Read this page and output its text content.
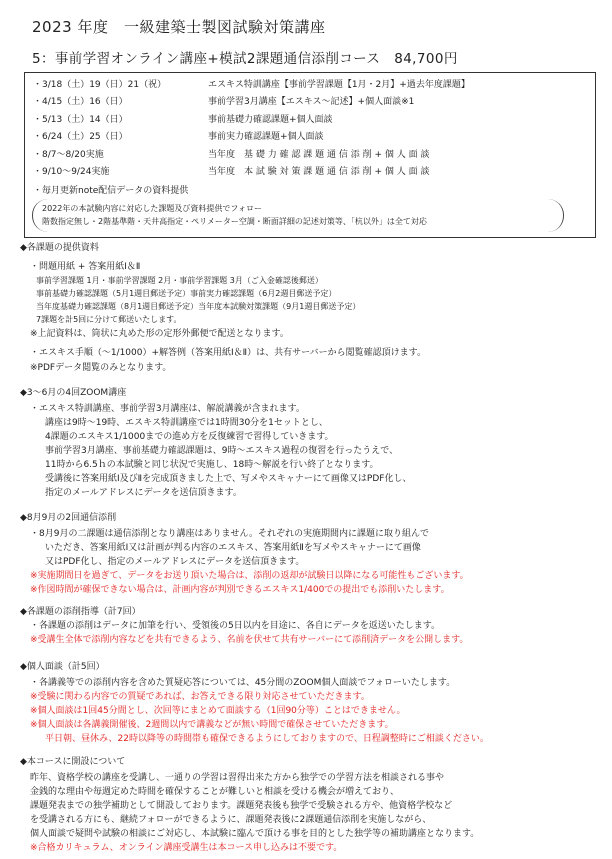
2023 年度　一級建築士製図試験対策講座
5：事前学習オンライン講座+模試2課題通信添削コース　84,700円
・3/18（土）19（日）21（祝）	エスキス特訓講座【事前学習課題【1月・2月】+過去年度課題】
・4/15（土）16（日）	事前学習3月講座【エスキス～記述】+個人面談※1
・5/13（土）14（日）	事前基礎力確認課題+個人面談
・6/24（土）25（日）	事前実力確認課題+個人面談
・8/7～8/20実施	当年度　基 礎 力 確 認 課 題 通 信 添 削 + 個 人 面 談
・9/10～9/24実施	当年度　本 試 験 対 策 課 題 通 信 添 削 + 個 人 面 談
・毎月更新note配信データの資料提供
2022年の本試験内容に対応した課題及び資料提供でフォロー
階数指定無し・2階基準階・天井高指定・ペリメーター空調・断面詳細の記述対策等、「杭以外」は全て対応
◆各課題の提供資料
・問題用紙 + 答案用紙Ⅰ＆Ⅱ
事前学習課題 1月・事前学習課題 2月・事前学習課題 3月（ご入金確認後郵送）
事前基礎力確認課題（5月1週目郵送予定）事前実力確認課題（6月2週目郵送予定）
当年度基礎力確認課題（8月1週目郵送予定）当年度本試験対策課題（9月1週目郵送予定）
7課題を計5回に分けて郵送いたします。
※上記資料は、筒状に丸めた形の定形外郵便で配送となります。
・エスキス手順（～1/1000）+解答例（答案用紙Ⅰ＆Ⅱ）は、共有サーバーから閲覧確認頂けます。
※PDFデータ閲覧のみとなります。
◆3～6月の4回ZOOM講座
・エスキス特訓講座、事前学習3月講座は、解説講義が含まれます。
講座は9時～19時、エスキス特訓講座では1時間30分を1セットとし、
4課題のエスキス1/1000までの進め方を反復練習で習得していきます。
事前学習3月講座、事前基礎力確認課題は、9時～エスキス過程の復習を行ったうえで、
11時から6.5ｈの本試験と同じ状況で実施し、18時～解説を行い終了となります。
受講後に答案用紙Ⅰ及びⅡを完成頂きました上で、写メやスキャナーにて画像又はPDF化し、
指定のメールアドレスにデータを送信頂きます。
◆8月9月の2回通信添削
・8月9月の二課題は通信添削となり講座はありません。それぞれの実施期間内に課題に取り組んで
いただき、答案用紙Ⅰ又は計画が判る内容のエスキス、答案用紙Ⅱを写メやスキャナーにて画像
又はPDF化し、指定のメールアドレスにデータを送信頂きます。
※実施期間日を過ぎて、データをお送り頂いた場合は、添削の返却が試験日以降になる可能性もございます。
※作図時間が確保できない場合は、計画内容が判別できるエスキス1/400での提出でも添削いたします。
◆各課題の添削指導（計7回）
・各課題の添削はデータに加筆を行い、受領後の5日以内を目途に、各自にデータを返送いたします。
※受講生全体で添削内容などを共有できるよう、名前を伏せて共有サーバーにて添削済データを公開します。
◆個人面談（計5回）
・各講義等での添削内容を含めた質疑応答については、45分間のZOOM個人面談でフォローいたします。
※受験に関わる内容での質疑であれば、お答えできる限り対応させていただきます。
※個人面談は1回45分間とし、次回等にまとめて面談する（1回90分等）ことはできません。
※個人面談は各講義開催後、2週間以内で講義などが無い時間で確保させていただきます。
平日朝、昼休み、22時以降等の時間帯も確保できるようにしておりますので、日程調整時にご相談ください。
◆本コースに開設について
昨年、資格学校の講座を受講し、一通りの学習は習得出来た方から独学での学習方法を相談される事や
金銭的な理由や毎週定めた時間を確保することが難しいと相談を受ける機会が増えており、
課題発表までの独学補助として開設しております。課題発表後も独学で受験される方や、他資格学校など
を受講される方にも、継続フォローができるように、課題発表後に2課題通信添削を実施しながら、
個人面談で疑問や試験の相談にご対応し、本試験に臨んで頂ける事を目的とした独学等の補助講座となります。
※合格カリキュラム、オンライン講座受講生は本コース申し込みは不要です。
